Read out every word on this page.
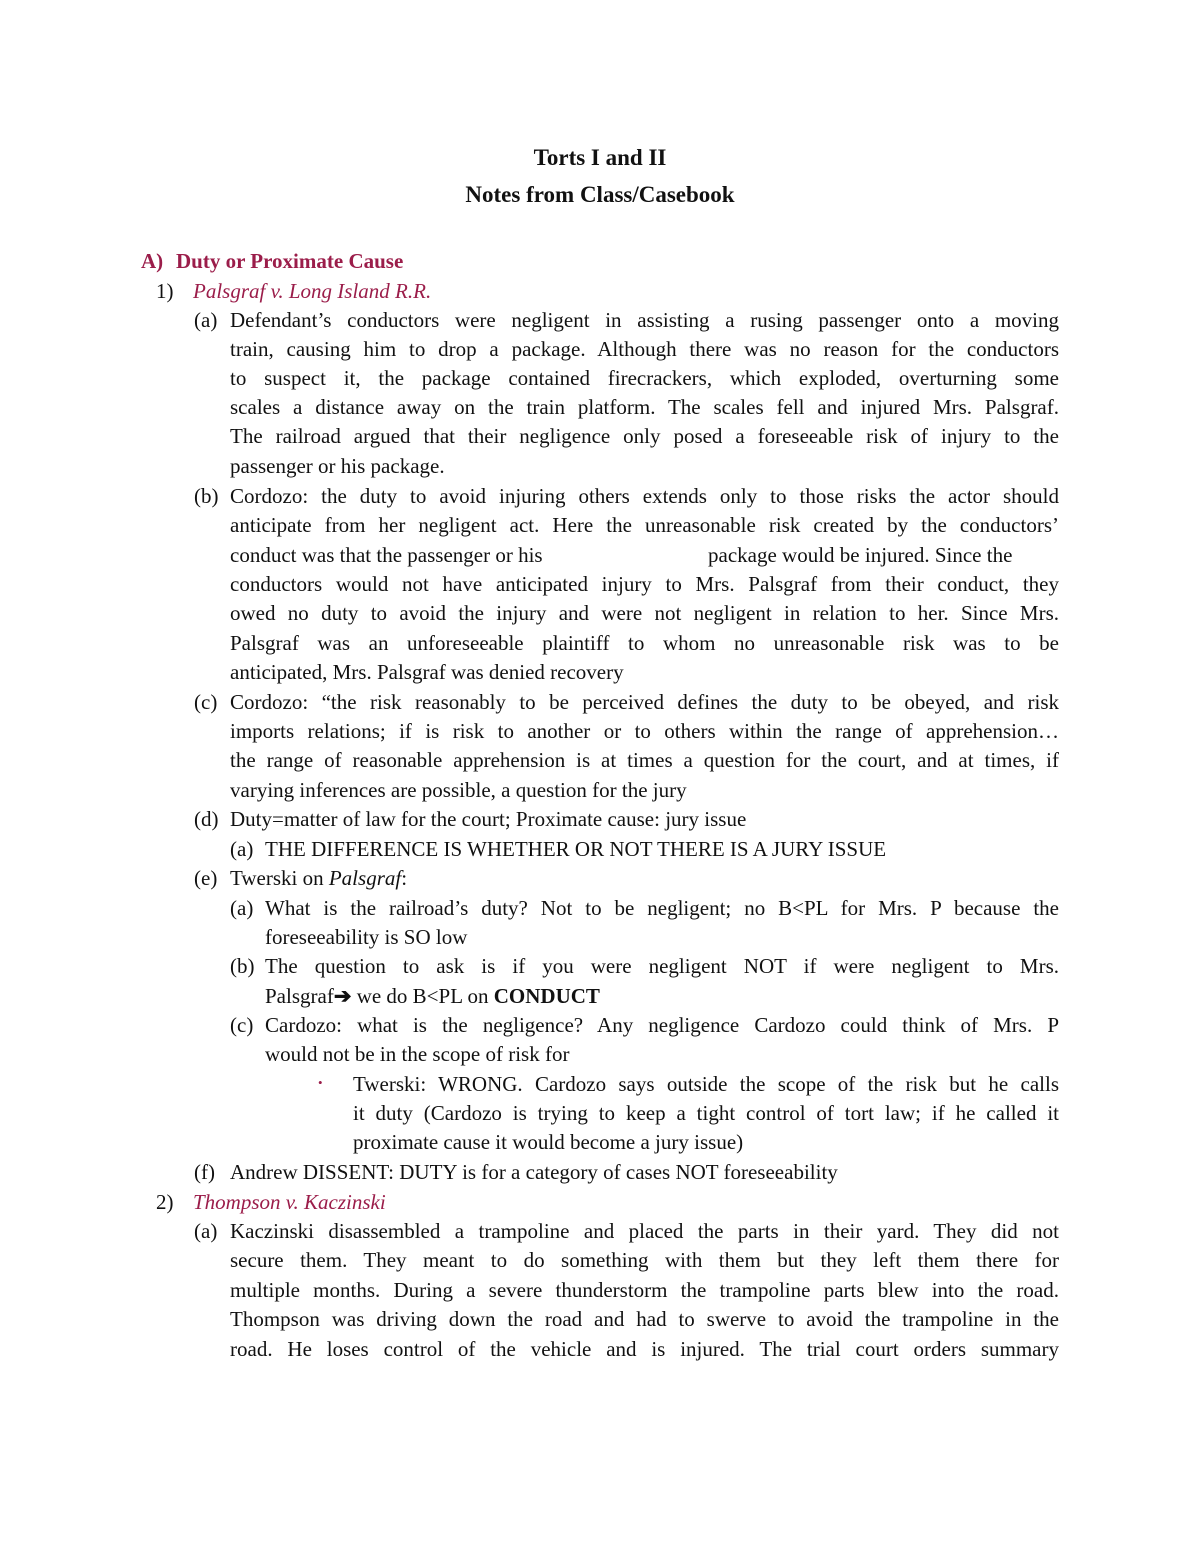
Torts I and II
Notes from Class/Casebook
A) Duty or Proximate Cause
1) Palsgraf v. Long Island R.R.
(a) Defendant’s conductors were negligent in assisting a rusing passenger onto a moving
train, causing him to drop a package. Although there was no reason for the conductors
to suspect it, the package contained firecrackers, which exploded, overturning some
scales a distance away on the train platform. The scales fell and injured Mrs. Palsgraf.
The railroad argued that their negligence only posed a foreseeable risk of injury to the
passenger or his package.
(b) Cordozo: the duty to avoid injuring others extends only to those risks the actor should
anticipate from her negligent act. Here the unreasonable risk created by the conductors’
conduct was that the passenger or his	package would be injured. Since the
conductors would not have anticipated injury to Mrs. Palsgraf from their conduct, they
owed no duty to avoid the injury and were not negligent in relation to her. Since Mrs.
Palsgraf was an unforeseeable plaintiff to whom no unreasonable risk was to be
anticipated, Mrs. Palsgraf was denied recovery
(c) Cordozo: “the risk reasonably to be perceived defines the duty to be obeyed, and risk
imports relations; if is risk to another or to others within the range of apprehension…
the range of reasonable apprehension is at times a question for the court, and at times, if
varying inferences are possible, a question for the jury
(d) Duty=matter of law for the court; Proximate cause: jury issue
(a) THE DIFFERENCE IS WHETHER OR NOT THERE IS A JURY ISSUE
(e) Twerski on Palsgraf:
(a) What is the railroad’s duty? Not to be negligent; no B<PL for Mrs. P because the
foreseeability is SO low
(b) The question to ask is if you were negligent NOT if were negligent to Mrs.
Palsgraf➔ we do B<PL on CONDUCT
(c) Cardozo: what is the negligence? Any negligence Cardozo could think of Mrs. P
would not be in the scope of risk for
• Twerski: WRONG. Cardozo says outside the scope of the risk but he calls
it duty (Cardozo is trying to keep a tight control of tort law; if he called it
proximate cause it would become a jury issue)
(f) Andrew DISSENT: DUTY is for a category of cases NOT foreseeability
2) Thompson v. Kaczinski
(a) Kaczinski disassembled a trampoline and placed the parts in their yard. They did not
secure them. They meant to do something with them but they left them there for
multiple months. During a severe thunderstorm the trampoline parts blew into the road.
Thompson was driving down the road and had to swerve to avoid the trampoline in the
road. He loses control of the vehicle and is injured. The trial court orders summary
